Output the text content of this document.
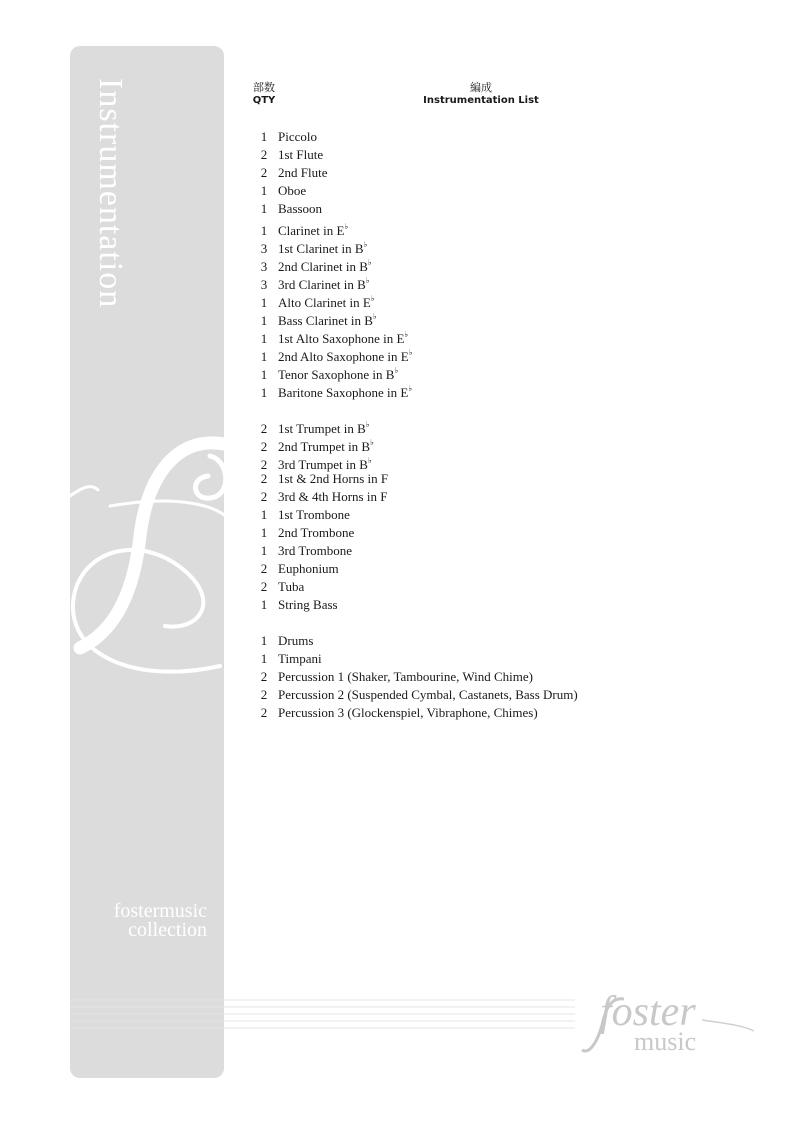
Instrumentation
fostermusic
collection
foster
music
部数
QTY
編成
Instrumentation List
1 Piccolo
2 1st Flute
2 2nd Flute
1 Oboe
1 Bassoon
1 Clarinet in E♭
3 1st Clarinet in B♭
3 2nd Clarinet in B♭
3 3rd Clarinet in B♭
1 Alto Clarinet in E♭
1 Bass Clarinet in B♭
1 1st Alto Saxophone in E♭
1 2nd Alto Saxophone in E♭
1 Tenor Saxophone in B♭
1 Baritone Saxophone in E♭
2 1st Trumpet in B♭
2 2nd Trumpet in B♭
2 3rd Trumpet in B♭
2 1st & 2nd Horns in F
2 3rd & 4th Horns in F
1 1st Trombone
1 2nd Trombone
1 3rd Trombone
2 Euphonium
2 Tuba
1 String Bass
1 Drums
1 Timpani
2 Percussion 1 (Shaker, Tambourine, Wind Chime)
2 Percussion 2 (Suspended Cymbal, Castanets, Bass Drum)
2 Percussion 3 (Glockenspiel, Vibraphone, Chimes)
